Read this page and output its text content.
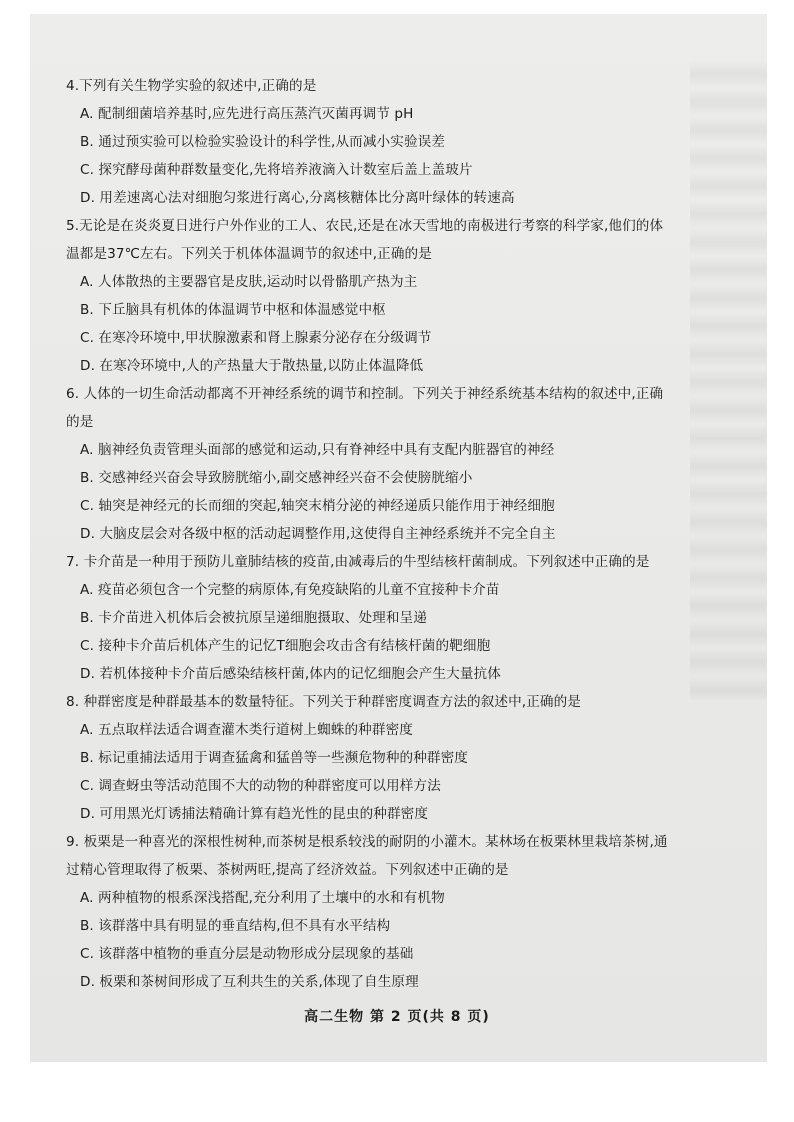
4.下列有关生物学实验的叙述中,正确的是
A. 配制细菌培养基时,应先进行高压蒸汽灭菌再调节 pH
B. 通过预实验可以检验实验设计的科学性,从而减小实验误差
C. 探究酵母菌种群数量变化,先将培养液滴入计数室后盖上盖玻片
D. 用差速离心法对细胞匀浆进行离心,分离核糖体比分离叶绿体的转速高
5.无论是在炎炎夏日进行户外作业的工人、农民,还是在冰天雪地的南极进行考察的科学家,他们的体
温都是37℃左右。下列关于机体体温调节的叙述中,正确的是
A. 人体散热的主要器官是皮肤,运动时以骨骼肌产热为主
B. 下丘脑具有机体的体温调节中枢和体温感觉中枢
C. 在寒冷环境中,甲状腺激素和肾上腺素分泌存在分级调节
D. 在寒冷环境中,人的产热量大于散热量,以防止体温降低
6. 人体的一切生命活动都离不开神经系统的调节和控制。下列关于神经系统基本结构的叙述中,正确
的是
A. 脑神经负责管理头面部的感觉和运动,只有脊神经中具有支配内脏器官的神经
B. 交感神经兴奋会导致膀胱缩小,副交感神经兴奋不会使膀胱缩小
C. 轴突是神经元的长而细的突起,轴突末梢分泌的神经递质只能作用于神经细胞
D. 大脑皮层会对各级中枢的活动起调整作用,这使得自主神经系统并不完全自主
7. 卡介苗是一种用于预防儿童肺结核的疫苗,由减毒后的牛型结核杆菌制成。下列叙述中正确的是
A. 疫苗必须包含一个完整的病原体,有免疫缺陷的儿童不宜接种卡介苗
B. 卡介苗进入机体后会被抗原呈递细胞摄取、处理和呈递
C. 接种卡介苗后机体产生的记忆T细胞会攻击含有结核杆菌的靶细胞
D. 若机体接种卡介苗后感染结核杆菌,体内的记忆细胞会产生大量抗体
8. 种群密度是种群最基本的数量特征。下列关于种群密度调查方法的叙述中,正确的是
A. 五点取样法适合调查灌木类行道树上蜘蛛的种群密度
B. 标记重捕法适用于调查猛禽和猛兽等一些濒危物种的种群密度
C. 调查蚜虫等活动范围不大的动物的种群密度可以用样方法
D. 可用黑光灯诱捕法精确计算有趋光性的昆虫的种群密度
9. 板栗是一种喜光的深根性树种,而茶树是根系较浅的耐阴的小灌木。某林场在板栗林里栽培茶树,通
过精心管理取得了板栗、茶树两旺,提高了经济效益。下列叙述中正确的是
A. 两种植物的根系深浅搭配,充分利用了土壤中的水和有机物
B. 该群落中具有明显的垂直结构,但不具有水平结构
C. 该群落中植物的垂直分层是动物形成分层现象的基础
D. 板栗和茶树间形成了互利共生的关系,体现了自生原理
高二生物 第 2 页(共 8 页)
